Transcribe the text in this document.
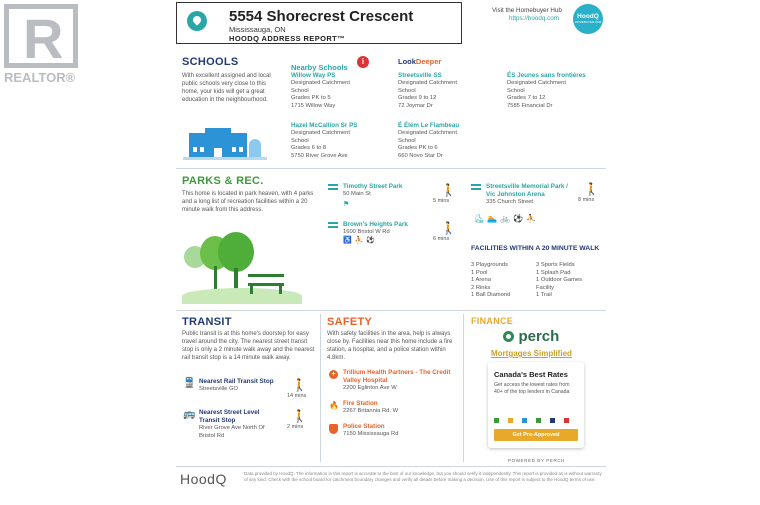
R
REALTOR®
5554 Shorecrest Crescent
Mississauga, ON
HOODQ ADDRESS REPORT™
Visit the Homebuyer Hub
https://hoodq.com	HoodQ
HOMEBUYER HUB
SCHOOLS
With excellent assigned and local public schools very close to this home, your kids will get a great education in the neighbourhood.
Nearby Schools
i	LookDeeper
Willow Way PS
Designated Catchment
School
Grades PK to 5
1715 Willow Way
Streetsville SS
Designated Catchment
School
Grades 9 to 12
72 Joymar Dr
ÉS Jeunes sans frontières
Designated Catchment
School
Grades 7 to 12
7585 Financial Dr
Hazel McCallion Sr PS
Designated Catchment
School
Grades 6 to 8
5750 River Grove Ave
É Élém Le Flambeau
Designated Catchment
School
Grades PK to 6
660 Novo Star Dr
PARKS & REC.
This home is located in park heaven, with 4 parks and a long list of recreation facilities within a 20 minute walk from this address.
Timothy Street Park
50 Main St
⚑
🚶
5 mins
Brown's Heights Park
1600 Bristol W Rd
♿⛹⚽
🚶
6 mins
Streetsville Memorial Park / Vic Johnston Arena
335 Church Street
⛸🏊🚲⚽⛹
🚶
8 mins
FACILITIES WITHIN A 20 MINUTE WALK
3 Playgrounds
1 Pool
1 Arena
2 Rinks
1 Ball Diamond
3 Sports Fields
1 Splash Pad
1 Outdoor Games
Facility
1 Trail
TRANSIT
Public transit is at this home's doorstep for easy travel around the city. The nearest street transit stop is only a 2 minute walk away and the nearest rail transit stop is a 14 minute walk away.
🚆 Nearest Rail Transit Stop
Streetsville GO	🚶
14 mins
🚌 Nearest Street Level Transit Stop
River Grove Ave North Of Bristol Rd
🚶
2 mins
SAFETY
With safety facilities in the area, help is always close by. Facilities near this home include a fire station, a hospital, and a police station within 4.8km.
+	Trillium Health Partners - The Credit Valley Hospital
2200 Eglinton Ave W
🔥 Fire Station
2267 Britannia Rd. W
Police Station
7150 Mississauga Rd
FINANCE
perch
Mortgages Simplified
Canada's Best Rates
Get access the lowest rates from 40+ of the top lenders in Canada
Get Pre-Approved
POWERED BY PERCH
HoodQ	Data provided by HoodQ. The information in this report is accurate to the best of our knowledge, but you should verify it independently. This report is provided as is without warranty of any kind. Check with the school board for catchment boundary changes and verify all details before making a decision. Use of this report is subject to the HoodQ terms of use.
